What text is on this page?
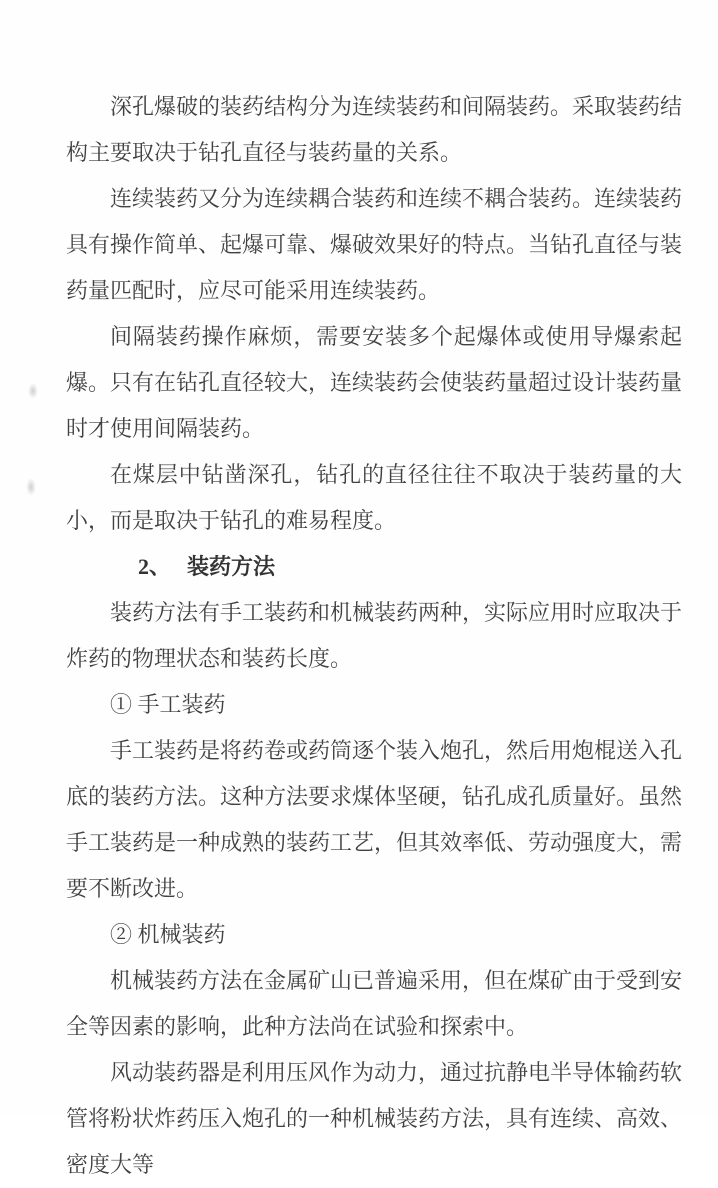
深孔爆破的装药结构分为连续装药和间隔装药。采取装药结构主要取决于钻孔直径与装药量的关系。

连续装药又分为连续耦合装药和连续不耦合装药。连续装药具有操作简单、起爆可靠、爆破效果好的特点。当钻孔直径与装药量匹配时，应尽可能采用连续装药。

间隔装药操作麻烦，需要安装多个起爆体或使用导爆索起爆。只有在钻孔直径较大，连续装药会使装药量超过设计装药量时才使用间隔装药。

在煤层中钻凿深孔，钻孔的直径往往不取决于装药量的大小，而是取决于钻孔的难易程度。

2、 装药方法

装药方法有手工装药和机械装药两种，实际应用时应取决于炸药的物理状态和装药长度。

① 手工装药

手工装药是将药卷或药筒逐个装入炮孔，然后用炮棍送入孔底的装药方法。这种方法要求煤体坚硬，钻孔成孔质量好。虽然手工装药是一种成熟的装药工艺，但其效率低、劳动强度大，需要不断改进。

② 机械装药

机械装药方法在金属矿山已普遍采用，但在煤矿由于受到安全等因素的影响，此种方法尚在试验和探索中。

风动装药器是利用压风作为动力，通过抗静电半导体输药软管将粉状炸药压入炮孔的一种机械装药方法，具有连续、高效、密度大等
